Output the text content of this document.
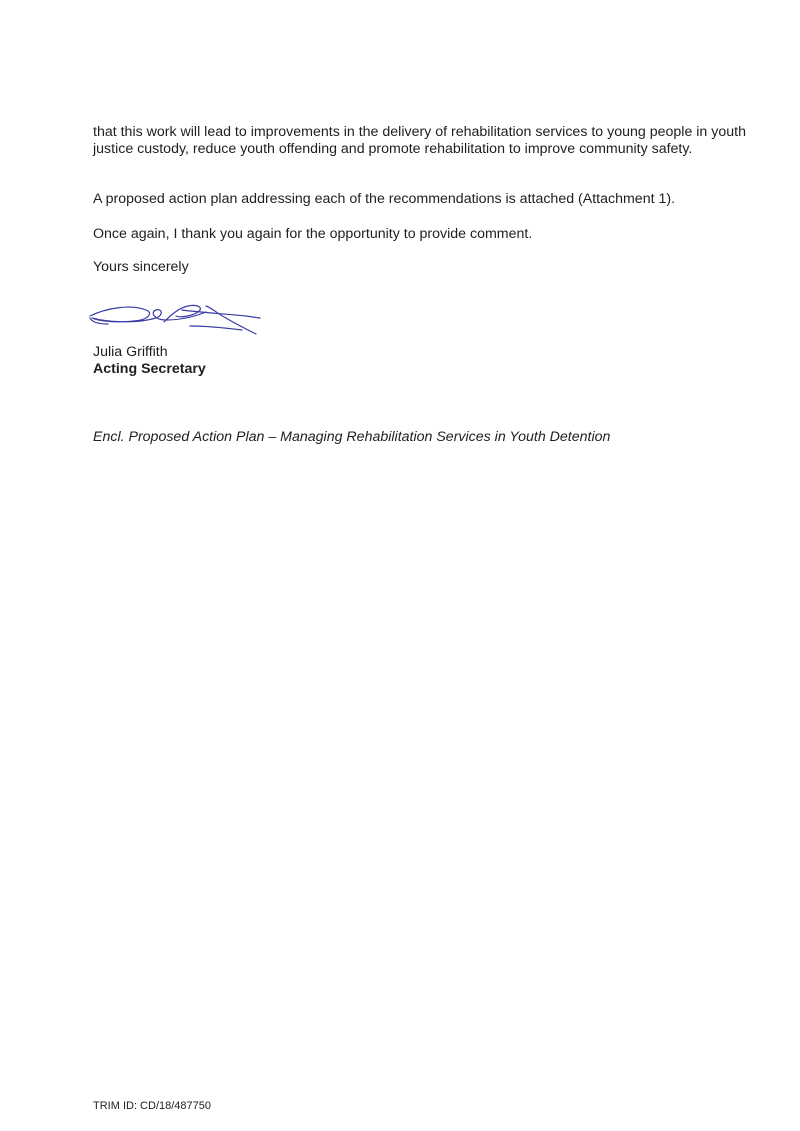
that this work will lead to improvements in the delivery of rehabilitation services to young people in youth justice custody, reduce youth offending and promote rehabilitation to improve community safety.

A proposed action plan addressing each of the recommendations is attached (Attachment 1).

Once again, I thank you again for the opportunity to provide comment.

Yours sincerely

Julia Griffith

Acting Secretary

Encl. Proposed Action Plan – Managing Rehabilitation Services in Youth Detention

TRIM ID: CD/18/487750
